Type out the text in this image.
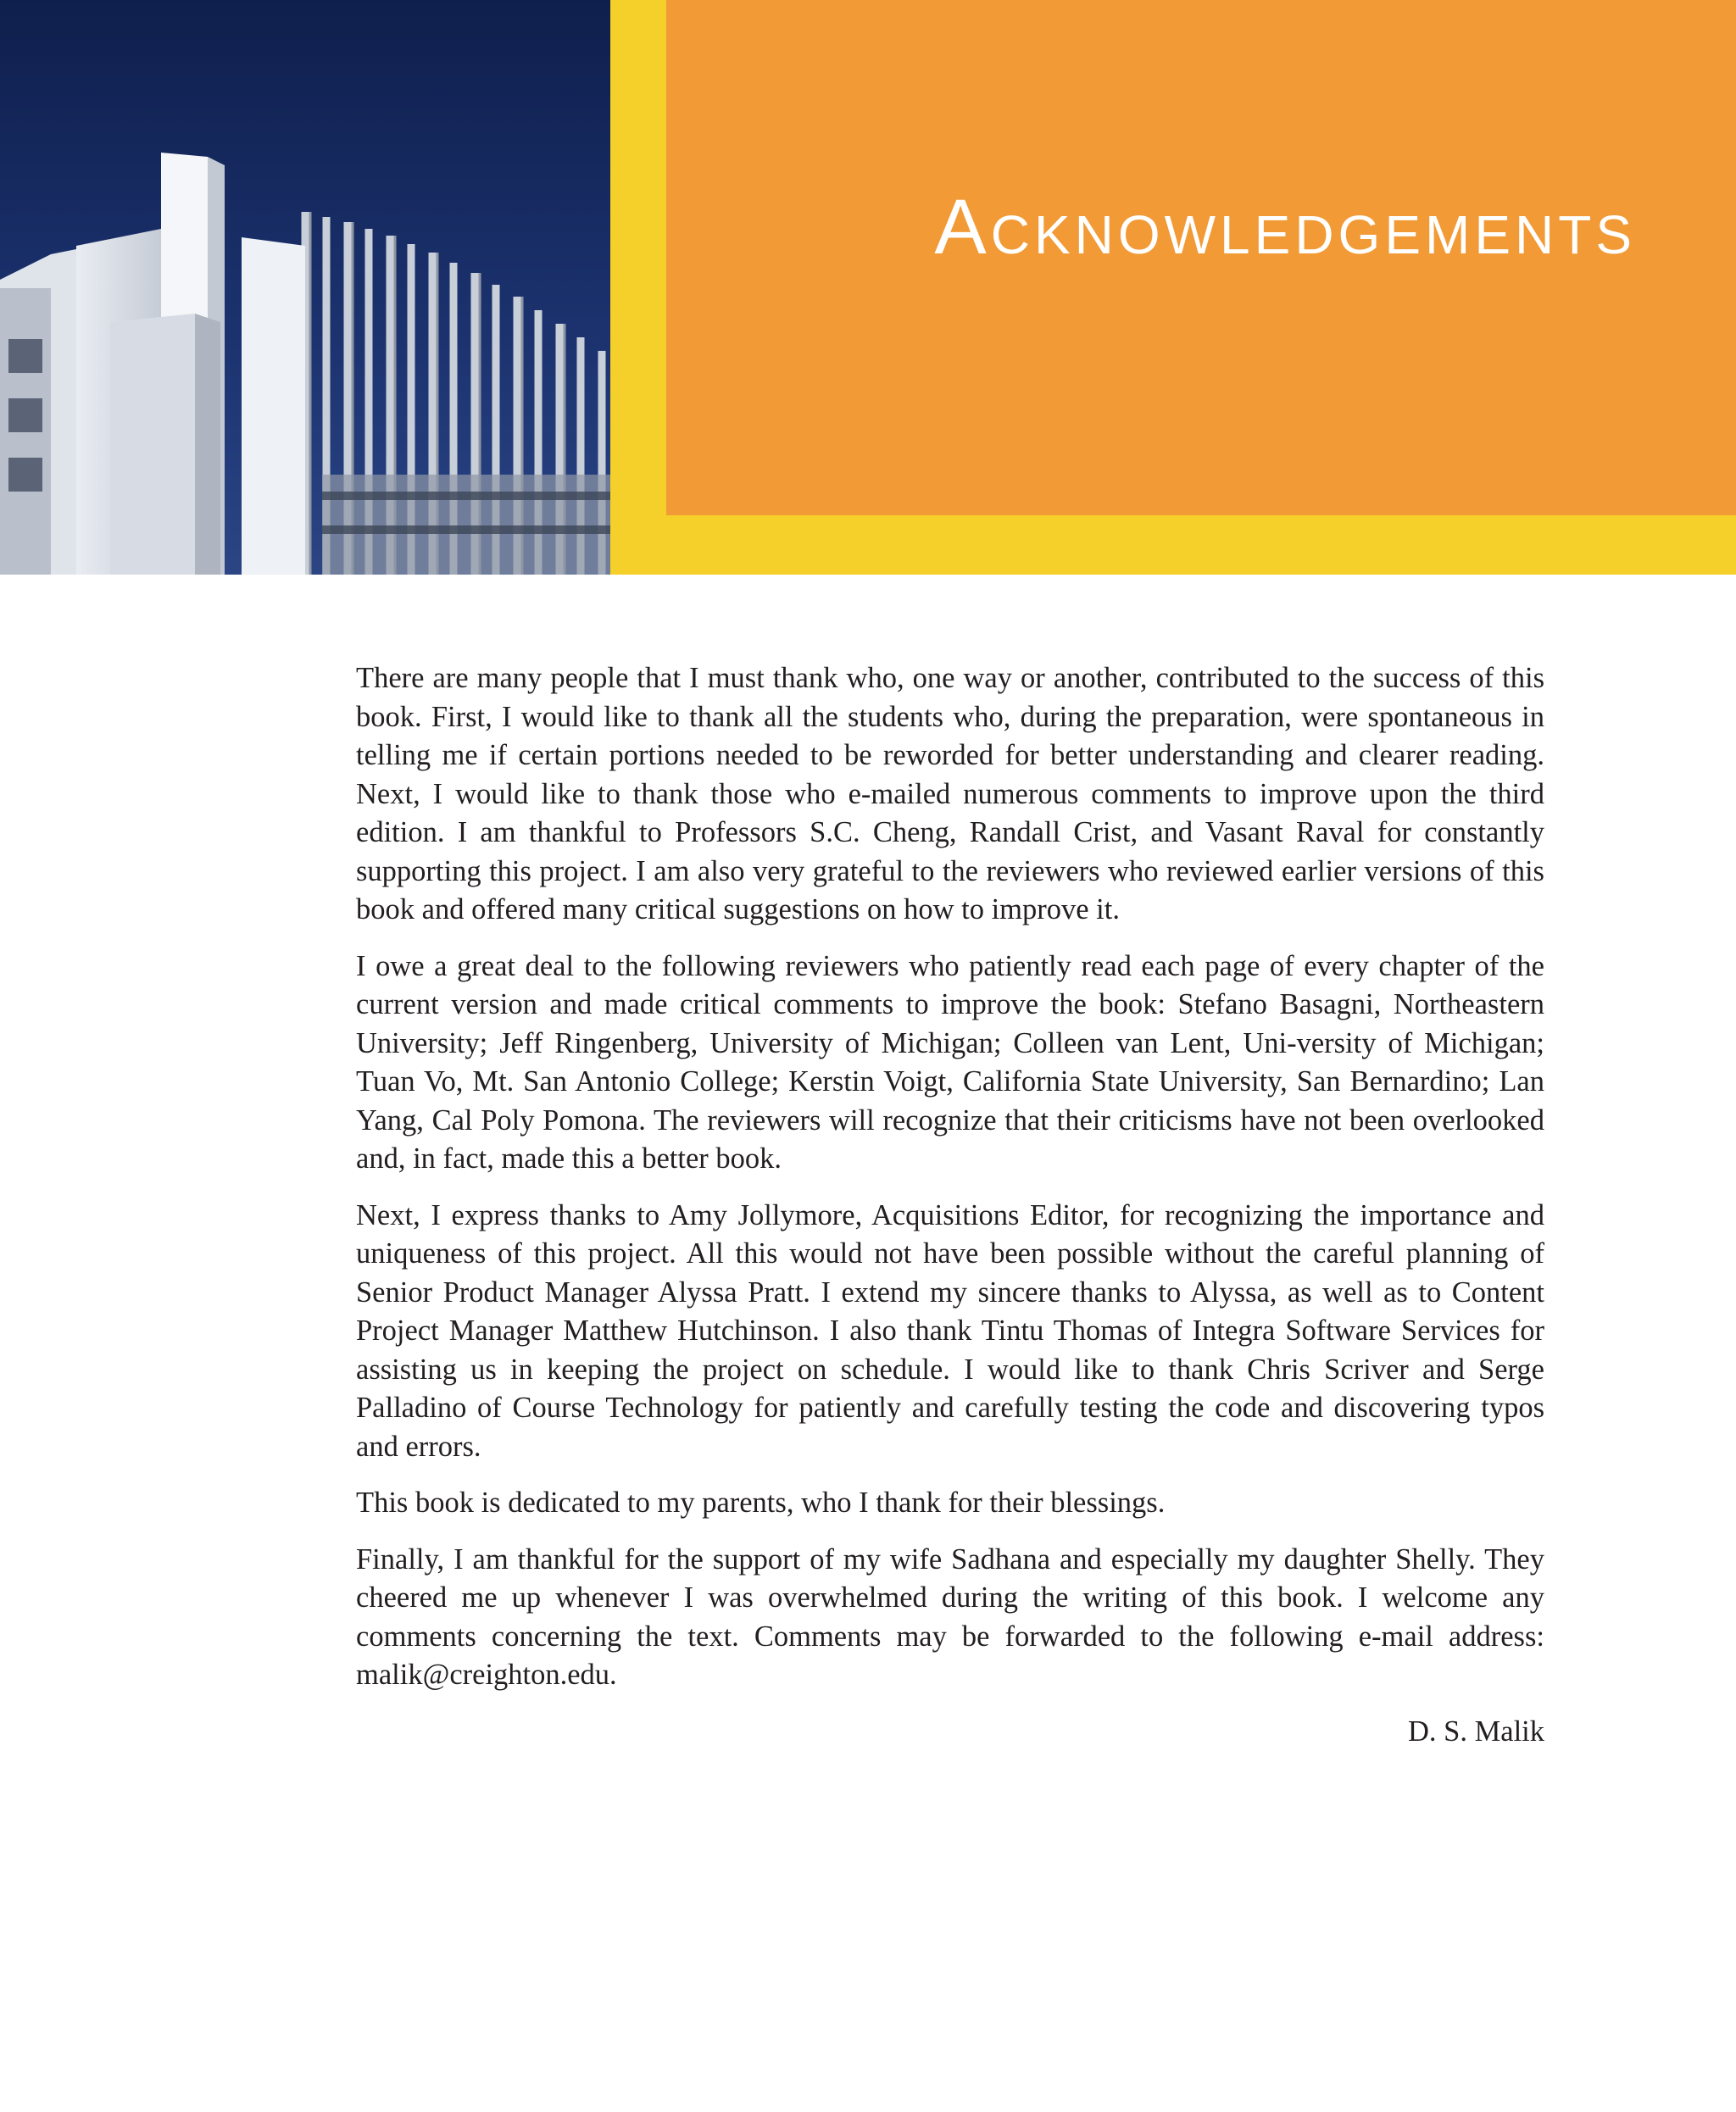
Acknowledgements

There are many people that I must thank who, one way or another, contributed to the success of this book. First, I would like to thank all the students who, during the preparation, were spontaneous in telling me if certain portions needed to be reworded for better understanding and clearer reading. Next, I would like to thank those who e-mailed numerous comments to improve upon the third edition. I am thankful to Professors S.C. Cheng, Randall Crist, and Vasant Raval for constantly supporting this project. I am also very grateful to the reviewers who reviewed earlier versions of this book and offered many critical suggestions on how to improve it.

I owe a great deal to the following reviewers who patiently read each page of every chapter of the current version and made critical comments to improve the book: Stefano Basagni, Northeastern University; Jeff Ringenberg, University of Michigan; Colleen van Lent, Uni-versity of Michigan; Tuan Vo, Mt. San Antonio College; Kerstin Voigt, California State University, San Bernardino; Lan Yang, Cal Poly Pomona. The reviewers will recognize that their criticisms have not been overlooked and, in fact, made this a better book.

Next, I express thanks to Amy Jollymore, Acquisitions Editor, for recognizing the importance and uniqueness of this project. All this would not have been possible without the careful planning of Senior Product Manager Alyssa Pratt. I extend my sincere thanks to Alyssa, as well as to Content Project Manager Matthew Hutchinson. I also thank Tintu Thomas of Integra Software Services for assisting us in keeping the project on schedule. I would like to thank Chris Scriver and Serge Palladino of Course Technology for patiently and carefully testing the code and discovering typos and errors.

This book is dedicated to my parents, who I thank for their blessings.

Finally, I am thankful for the support of my wife Sadhana and especially my daughter Shelly. They cheered me up whenever I was overwhelmed during the writing of this book. I welcome any comments concerning the text. Comments may be forwarded to the following e-mail address: malik@creighton.edu.

D. S. Malik
